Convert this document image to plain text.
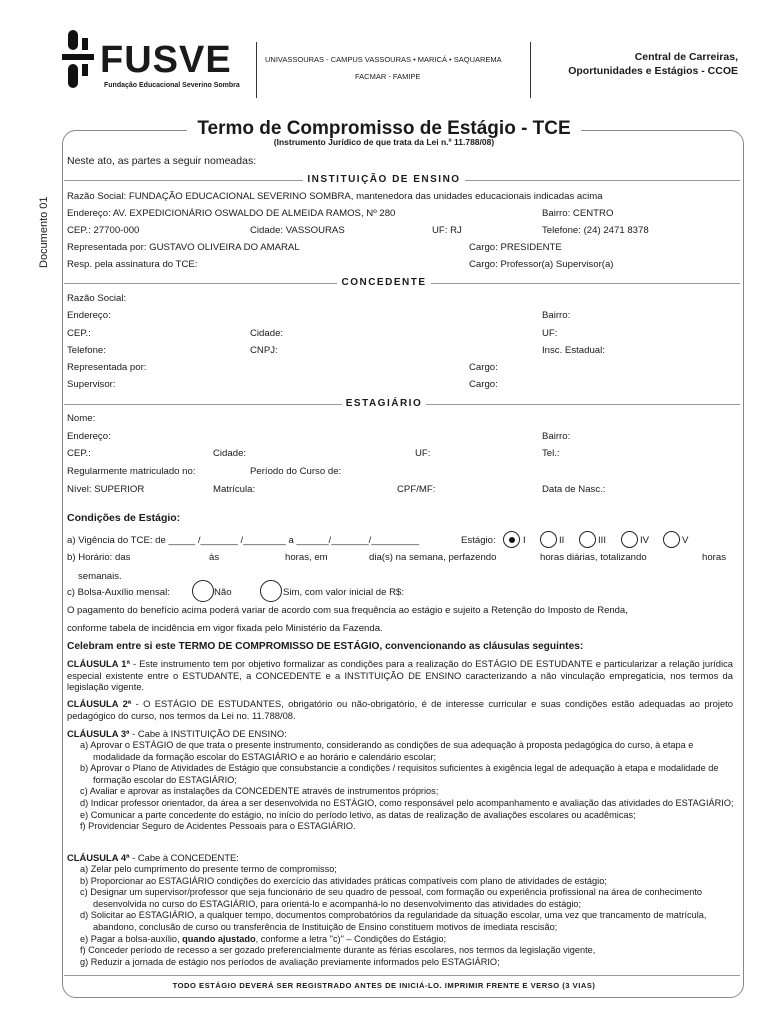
FUSVE
Fundação Educacional Severino Sombra
UNIVASSOURAS - CAMPUS VASSOURAS • MARICÁ • SAQUAREMA
FACMAR - FAMIPE
Central de Carreiras,
Oportunidades e Estágios - CCOE
Termo de Compromisso de Estágio - TCE
(Instrumento Jurídico de que trata da Lei n.º 11.788/08)
Documento 01
Neste ato, as partes a seguir nomeadas:
INSTITUIÇÃO DE ENSINO
Razão Social: FUNDAÇÃO EDUCACIONAL SEVERINO SOMBRA, mantenedora das unidades educacionais indicadas acima
Endereço: AV. EXPEDICIONÁRIO OSWALDO DE ALMEIDA RAMOS, Nº 280	Bairro: CENTRO
CEP.: 27700-000	Cidade: VASSOURAS	UF: RJ	Telefone: (24) 2471 8378
Representada por: GUSTAVO OLIVEIRA DO AMARAL	Cargo: PRESIDENTE
Resp. pela assinatura do TCE:	Cargo: Professor(a) Supervisor(a)
CONCEDENTE
Razão Social:
Endereço:	Bairro:
CEP.:	Cidade:	UF:
Telefone:	CNPJ:	Insc. Estadual:
Representada por:	Cargo:
Supervisor:	Cargo:
ESTAGIÁRIO
Nome:
Endereço:	Bairro:
CEP.:	Cidade:	UF:	Tel.:
Regularmente matriculado no:	Período do Curso de:
Nível: SUPERIOR	Matrícula:	CPF/MF:	Data de Nasc.:
Condições de Estágio:
a) Vigência do TCE: de _____ /_______ /________ a ______/_______/_________	Estágio:	I	II	III	IV	V
b) Horário: das	às	horas, em	dia(s) na semana, perfazendo	horas diárias, totalizando	horas
semanais.
c) Bolsa-Auxílio mensal:	Não	Sim, com valor inicial de R$:
O pagamento do benefício acima poderá variar de acordo com sua frequência ao estágio e sujeito a Retenção do Imposto de Renda,
conforme tabela de incidência em vigor fixada pelo Ministério da Fazenda.
Celebram entre si este TERMO DE COMPROMISSO DE ESTÁGIO, convencionando as cláusulas seguintes:
CLÁUSULA 1ª - Este instrumento tem por objetivo formalizar as condições para a realização do ESTÁGIO DE ESTUDANTE e particularizar a relação jurídica especial existente entre o ESTUDANTE, a CONCEDENTE e a INSTITUIÇÃO DE ENSINO caracterizando a não vinculação empregatícia, nos termos da legislação vigente.
CLÁUSULA 2ª - O ESTÁGIO DE ESTUDANTES, obrigatório ou não-obrigatório, é de interesse curricular e suas condições estão adequadas ao projeto pedagógico do curso, nos termos da Lei no. 11.788/08.
CLÁUSULA 3ª - Cabe à INSTITUIÇÃO DE ENSINO:
a) Aprovar o ESTÁGIO de que trata o presente instrumento, considerando as condições de sua adequação à proposta pedagógica do curso, à etapa e modalidade da formação escolar do ESTAGIÁRIO e ao horário e calendário escolar;
b) Aprovar o Plano de Atividades de Estágio que consubstancie a condições / requisitos suficientes à exigência legal de adequação à etapa e modalidade de formação escolar do ESTAGIÁRIO;
c) Avaliar e aprovar as instalações da CONCEDENTE através de instrumentos próprios;
d) Indicar professor orientador, da área a ser desenvolvida no ESTÁGIO, como responsável pelo acompanhamento e avaliação das atividades do ESTAGIÁRIO;
e) Comunicar a parte concedente do estágio, no início do período letivo, as datas de realização de avaliações escolares ou acadêmicas;
f) Providenciar Seguro de Acidentes Pessoais para o ESTAGIÁRIO.
CLÁUSULA 4ª - Cabe à CONCEDENTE:
a) Zelar pelo cumprimento do presente termo de compromisso;
b) Proporcionar ao ESTAGIÁRIO condições do exercício das atividades práticas compatíveis com plano de atividades de estágio;
c) Designar um supervisor/professor que seja funcionário de seu quadro de pessoal, com formação ou experiência profissional na área de conhecimento desenvolvida no curso do ESTAGIÁRIO, para orientá-lo e acompanhá-lo no desenvolvimento das atividades do estágio;
d) Solicitar ao ESTAGIÁRIO, a qualquer tempo, documentos comprobatórios da regularidade da situação escolar, uma vez que trancamento de matrícula, abandono, conclusão de curso ou transferência de Instituição de Ensino constituem motivos de imediata rescisão;
e) Pagar a bolsa-auxílio, quando ajustado, conforme a letra "c)" – Condições do Estágio;
f) Conceder período de recesso a ser gozado preferencialmente durante as férias escolares, nos termos da legislação vigente,
g) Reduzir a jornada de estágio nos períodos de avaliação previamente informados pelo ESTAGIÁRIO;
TODO ESTÁGIO DEVERÁ SER REGISTRADO ANTES DE INICIÁ-LO. IMPRIMIR FRENTE E VERSO (3 VIAS)
